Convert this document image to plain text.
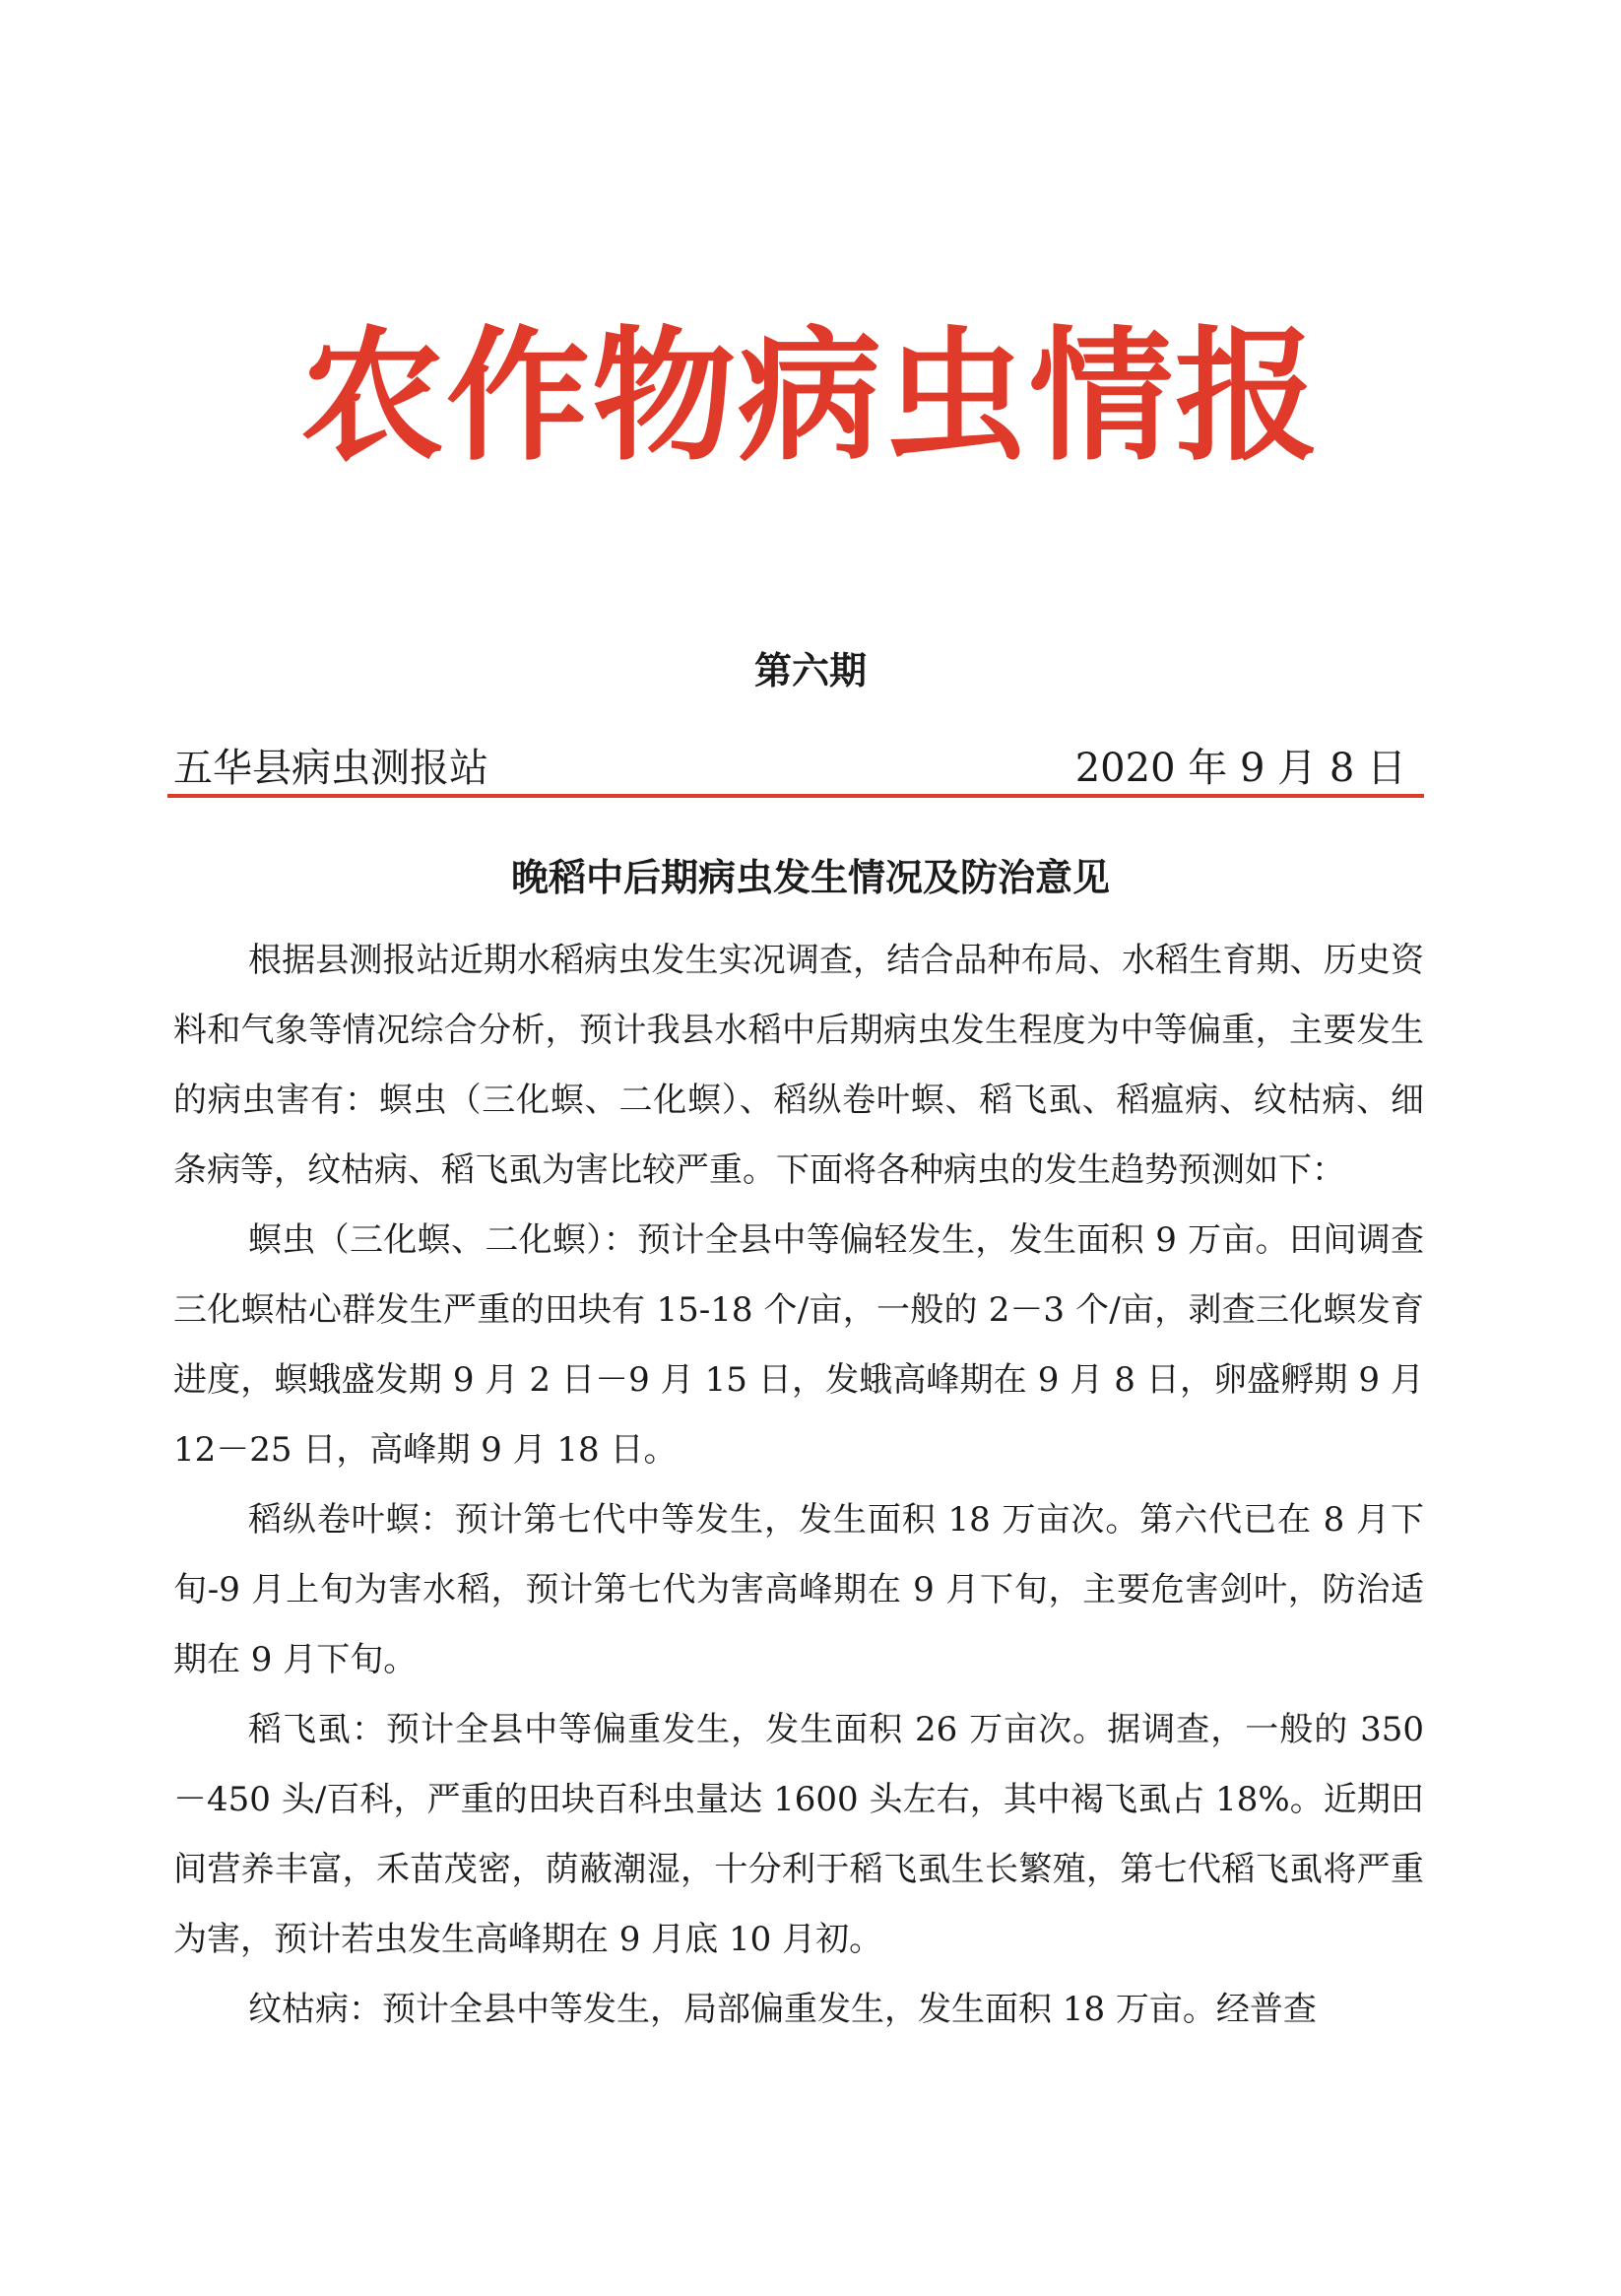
农作物病虫情报
第六期
五华县病虫测报站	2020 年 9 月 8 日
晚稻中后期病虫发生情况及防治意见

根据县测报站近期水稻病虫发生实况调查，结合品种布局、水稻生育期、历史资料和气象等情况综合分析，预计我县水稻中后期病虫发生程度为中等偏重，主要发生的病虫害有：螟虫（三化螟、二化螟）、稻纵卷叶螟、稻飞虱、稻瘟病、纹枯病、细条病等，纹枯病、稻飞虱为害比较严重。下面将各种病虫的发生趋势预测如下：

螟虫（三化螟、二化螟）：预计全县中等偏轻发生，发生面积 9 万亩。田间调查三化螟枯心群发生严重的田块有 15-18 个/亩，一般的 2－3 个/亩，剥查三化螟发育进度，螟蛾盛发期 9 月 2 日－9 月 15 日，发蛾高峰期在 9 月 8 日，卵盛孵期 9 月 12－25 日，高峰期 9 月 18 日。

稻纵卷叶螟：预计第七代中等发生，发生面积 18 万亩次。第六代已在 8 月下旬-9 月上旬为害水稻，预计第七代为害高峰期在 9 月下旬，主要危害剑叶，防治适期在 9 月下旬。

稻飞虱：预计全县中等偏重发生，发生面积 26 万亩次。据调查，一般的 350－450 头/百科，严重的田块百科虫量达 1600 头左右，其中褐飞虱占 18%。近期田间营养丰富，禾苗茂密，荫蔽潮湿，十分利于稻飞虱生长繁殖，第七代稻飞虱将严重为害，预计若虫发生高峰期在 9 月底 10 月初。

纹枯病：预计全县中等发生，局部偏重发生，发生面积 18 万亩。经普查
